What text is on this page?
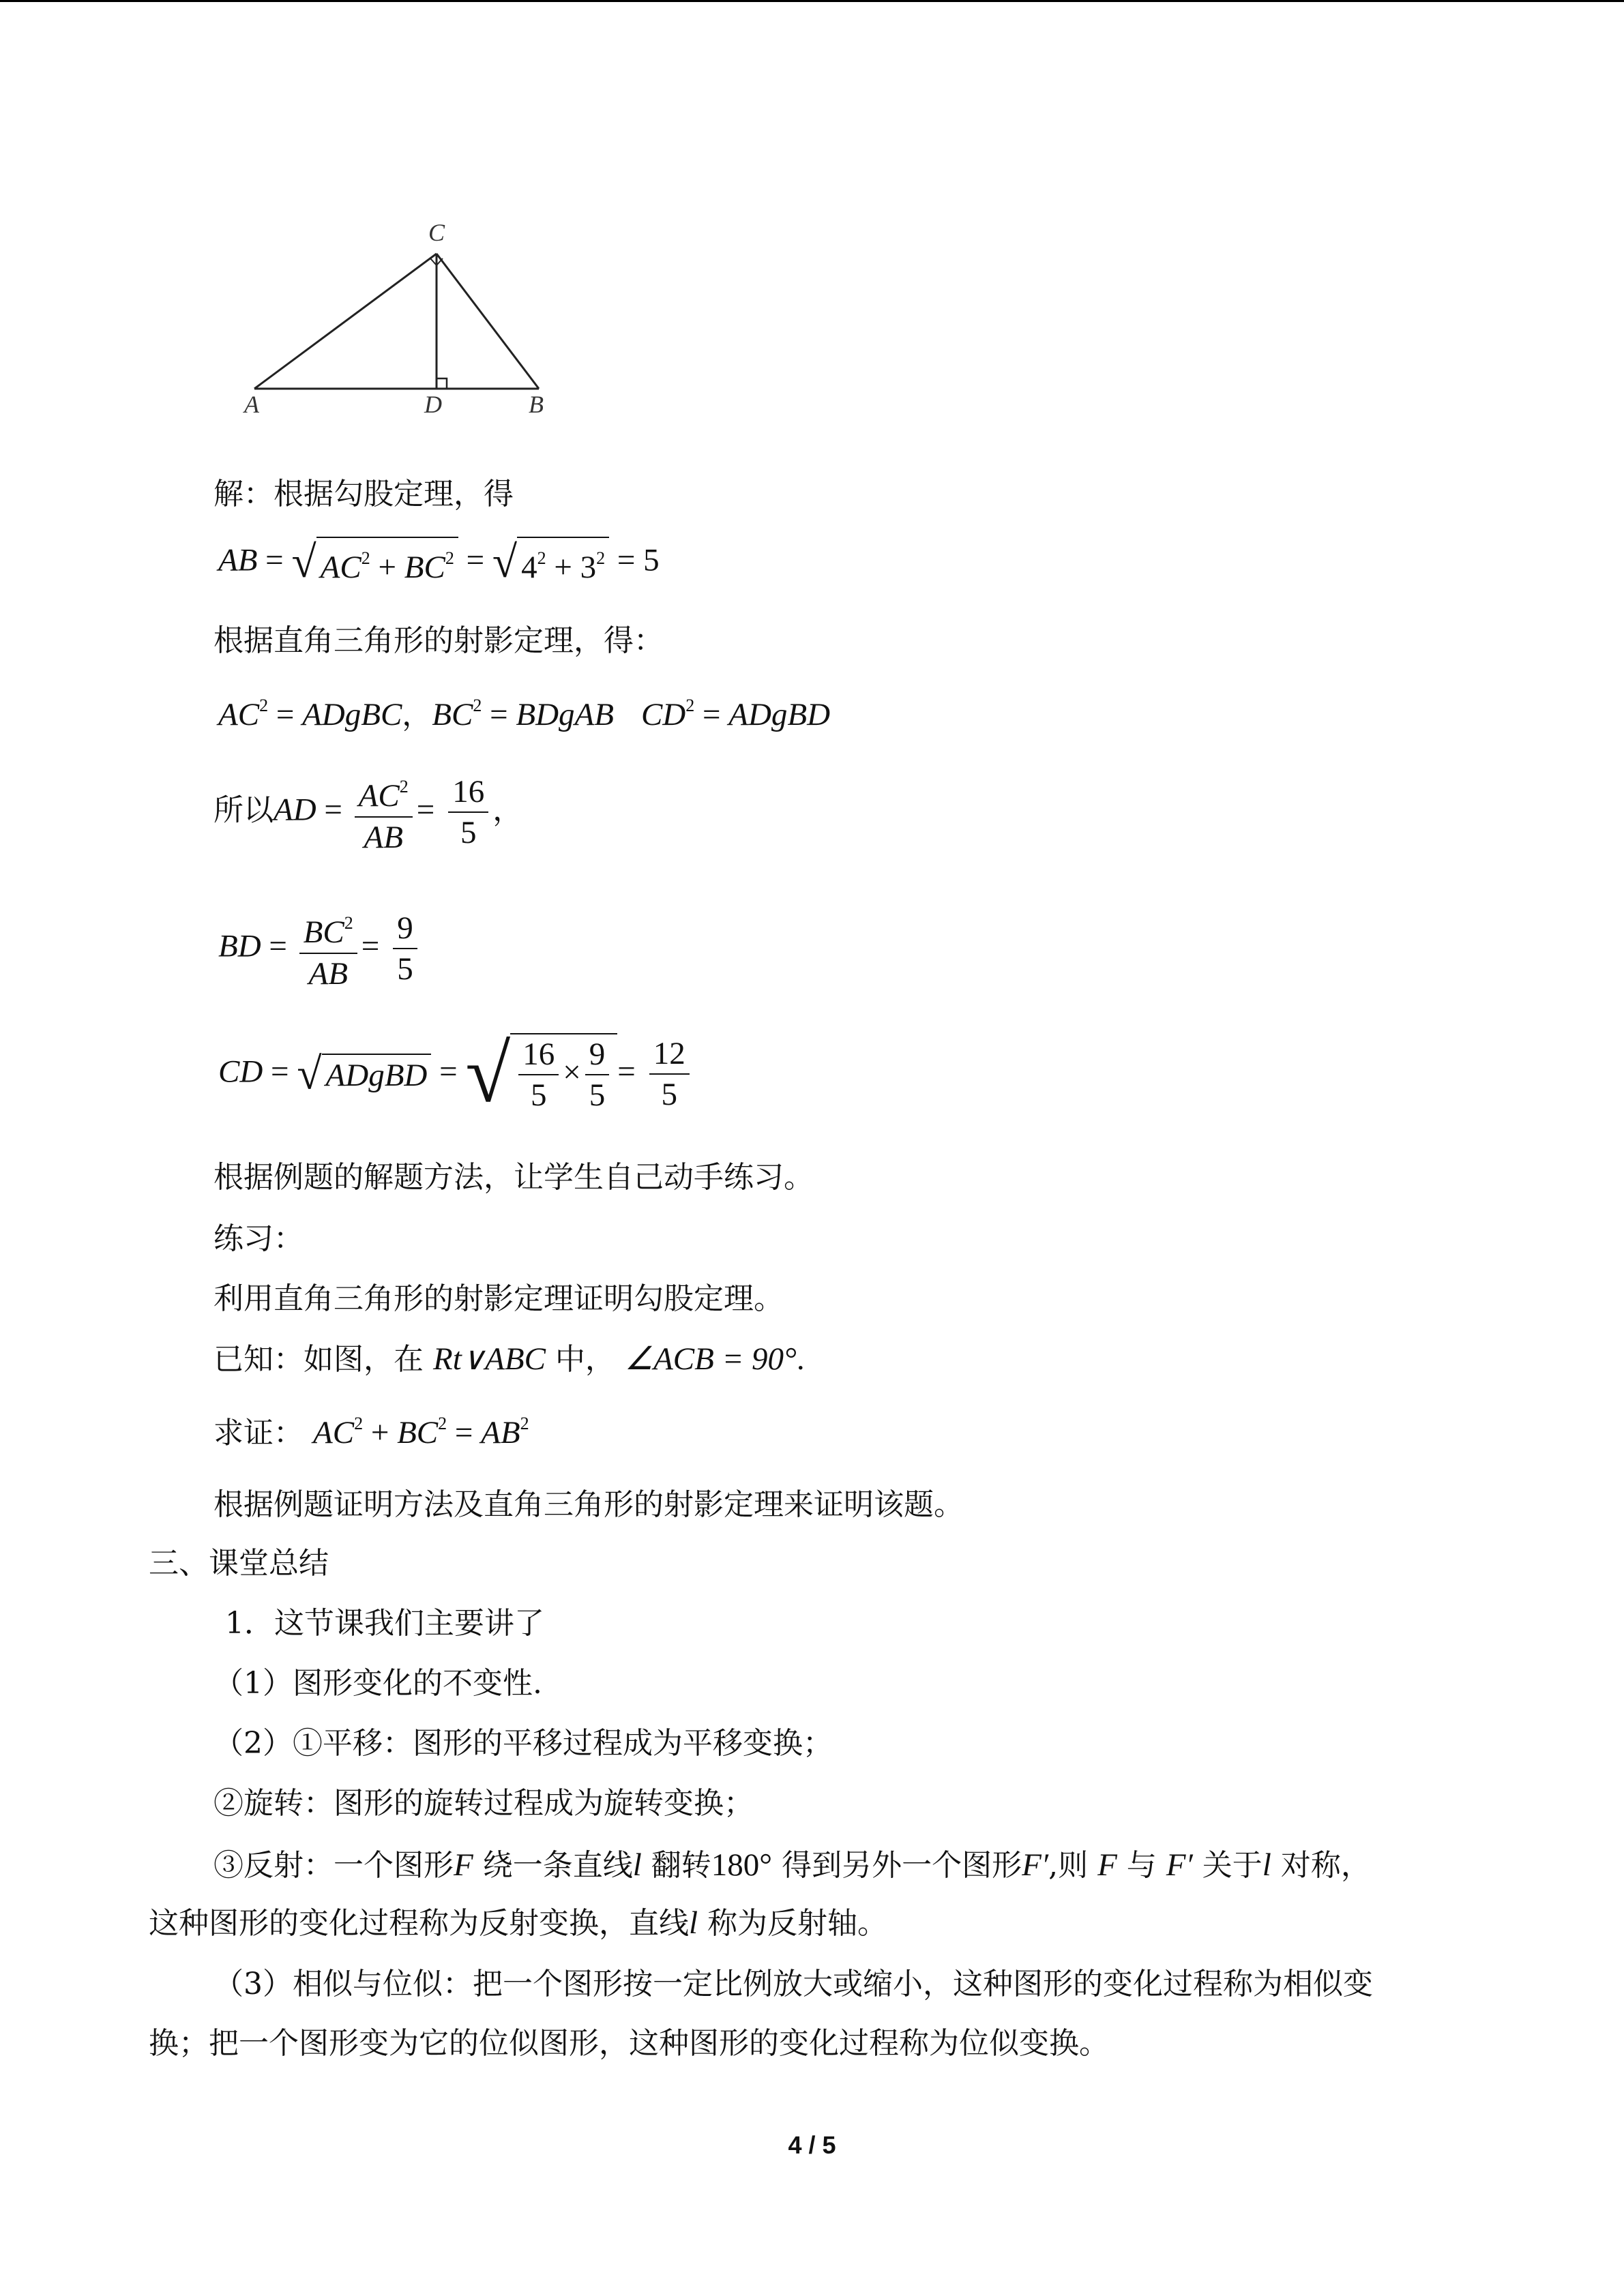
C
A	D	B
解：根据勾股定理，得
AB = √ $AC^2 + BC^2$ = √ $4^2 + 3^2 = 5$
根据直角三角形的射影定理，得：
$AC^2$ = ADgBC，$BC^2$ = BDgAB $CD^2$ = ADgBD
所以AD = $\frac{AC^2}{AB} = \frac{16}{5}$ ，
BD = $\frac{BC^2}{AB} = \frac{9}{5}$
CD = √ ADgBD = √ $\frac{16}{5} \times \frac{9}{5} = \frac{12}{5}$
根据例题的解题方法，让学生自己动手练习。
练习：
利用直角三角形的射影定理证明勾股定理。
已知：如图，在 Rt∨ABC 中， ∠ACB = 90°.
求证： $AC^2 + BC^2 = AB^2$
根据例题证明方法及直角三角形的射影定理来证明该题。
三、课堂总结
1．这节课我们主要讲了
（1）图形变化的不变性.
（2）①平移：图形的平移过程成为平移变换；
②旋转：图形的旋转过程成为旋转变换；
③反射：一个图形F 绕一条直线l 翻转180° 得到另外一个图形F′,则 F 与 F′ 关于l 对称，
这种图形的变化过程称为反射变换，直线l 称为反射轴。
（3）相似与位似：把一个图形按一定比例放大或缩小，这种图形的变化过程称为相似变
换；把一个图形变为它的位似图形，这种图形的变化过程称为位似变换。
4 / 5
